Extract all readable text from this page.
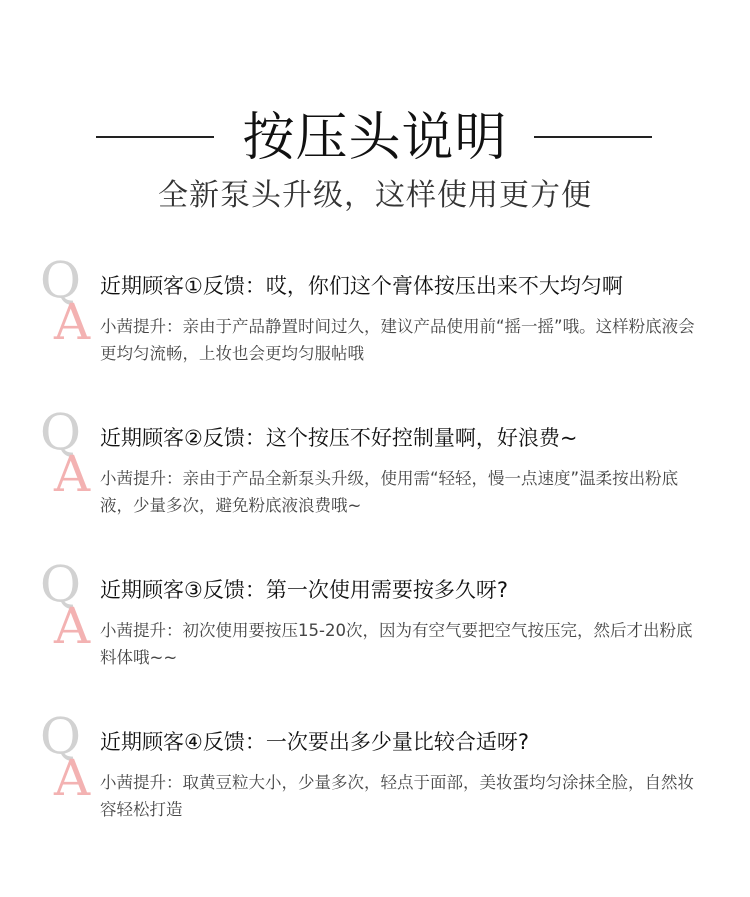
按压头说明
全新泵头升级，这样使用更方便
Q
A
近期顾客①反馈：哎，你们这个膏体按压出来不大均匀啊
小茜提升：亲由于产品静置时间过久，建议产品使用前“摇一摇”哦。这样粉底液会更均匀流畅，上妆也会更均匀服帖哦
Q
A
近期顾客②反馈：这个按压不好控制量啊，好浪费~
小茜提升：亲由于产品全新泵头升级，使用需“轻轻，慢一点速度”温柔按出粉底液，少量多次，避免粉底液浪费哦~
Q
A
近期顾客③反馈：第一次使用需要按多久呀?
小茜提升：初次使用要按压15-20次，因为有空气要把空气按压完，然后才出粉底料体哦~~
Q
A
近期顾客④反馈：一次要出多少量比较合适呀?
小茜提升：取黄豆粒大小，少量多次，轻点于面部，美妆蛋均匀涂抹全脸，自然妆容轻松打造
